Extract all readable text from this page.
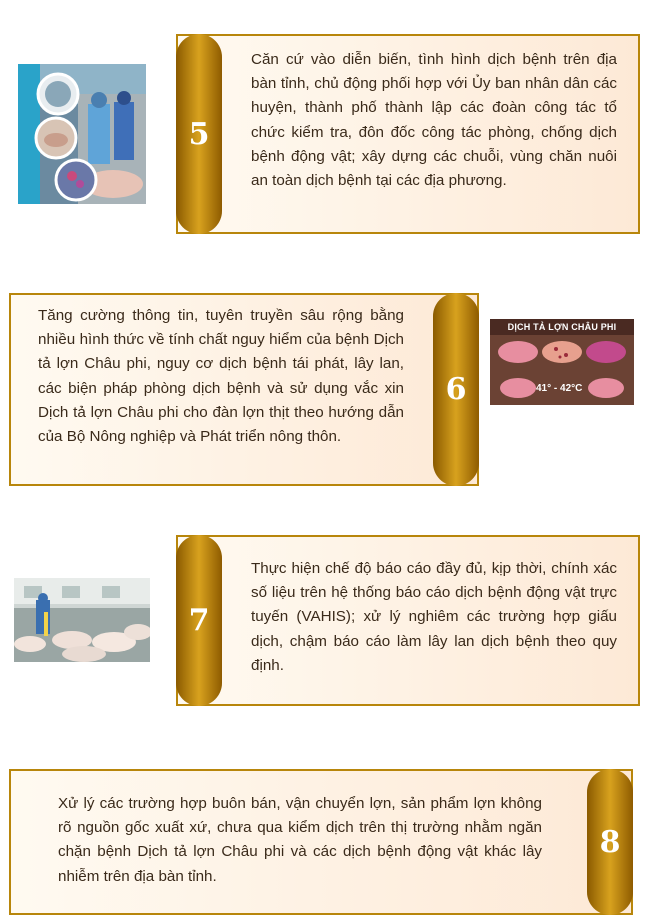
Căn cứ vào diễn biến, tình hình dịch bệnh trên địa bàn tỉnh, chủ động phối hợp với Ủy ban nhân dân các huyện, thành phố thành lập các đoàn công tác tổ chức kiểm tra, đôn đốc công tác phòng, chống dịch bệnh động vật; xây dựng các chuỗi, vùng chăn nuôi an toàn dịch bệnh tại các địa phương.
5
Tăng cường thông tin, tuyên truyền sâu rộng bằng nhiều hình thức về tính chất nguy hiểm của bệnh Dịch tả lợn Châu phi, nguy cơ dịch bệnh tái phát, lây lan, các biện pháp phòng dịch bệnh và sử dụng vắc xin Dịch tả lợn Châu phi cho đàn lợn thịt theo hướng dẫn của Bộ Nông nghiệp và Phát triển nông thôn.
6
DỊCH TẢ LỢN CHÂU PHI
41° - 42°C
Thực hiện chế độ báo cáo đầy đủ, kịp thời, chính xác số liệu trên hệ thống báo cáo dịch bệnh động vật trực tuyến (VAHIS); xử lý nghiêm các trường hợp giấu dịch, chậm báo cáo làm lây lan dịch bệnh theo quy định.
7
Xử lý các trường hợp buôn bán, vận chuyển lợn, sản phẩm lợn không rõ nguồn gốc xuất xứ, chưa qua kiểm dịch trên thị trường nhằm ngăn chặn bệnh Dịch tả lợn Châu phi và các dịch bệnh động vật khác lây nhiễm trên địa bàn tỉnh.
8
